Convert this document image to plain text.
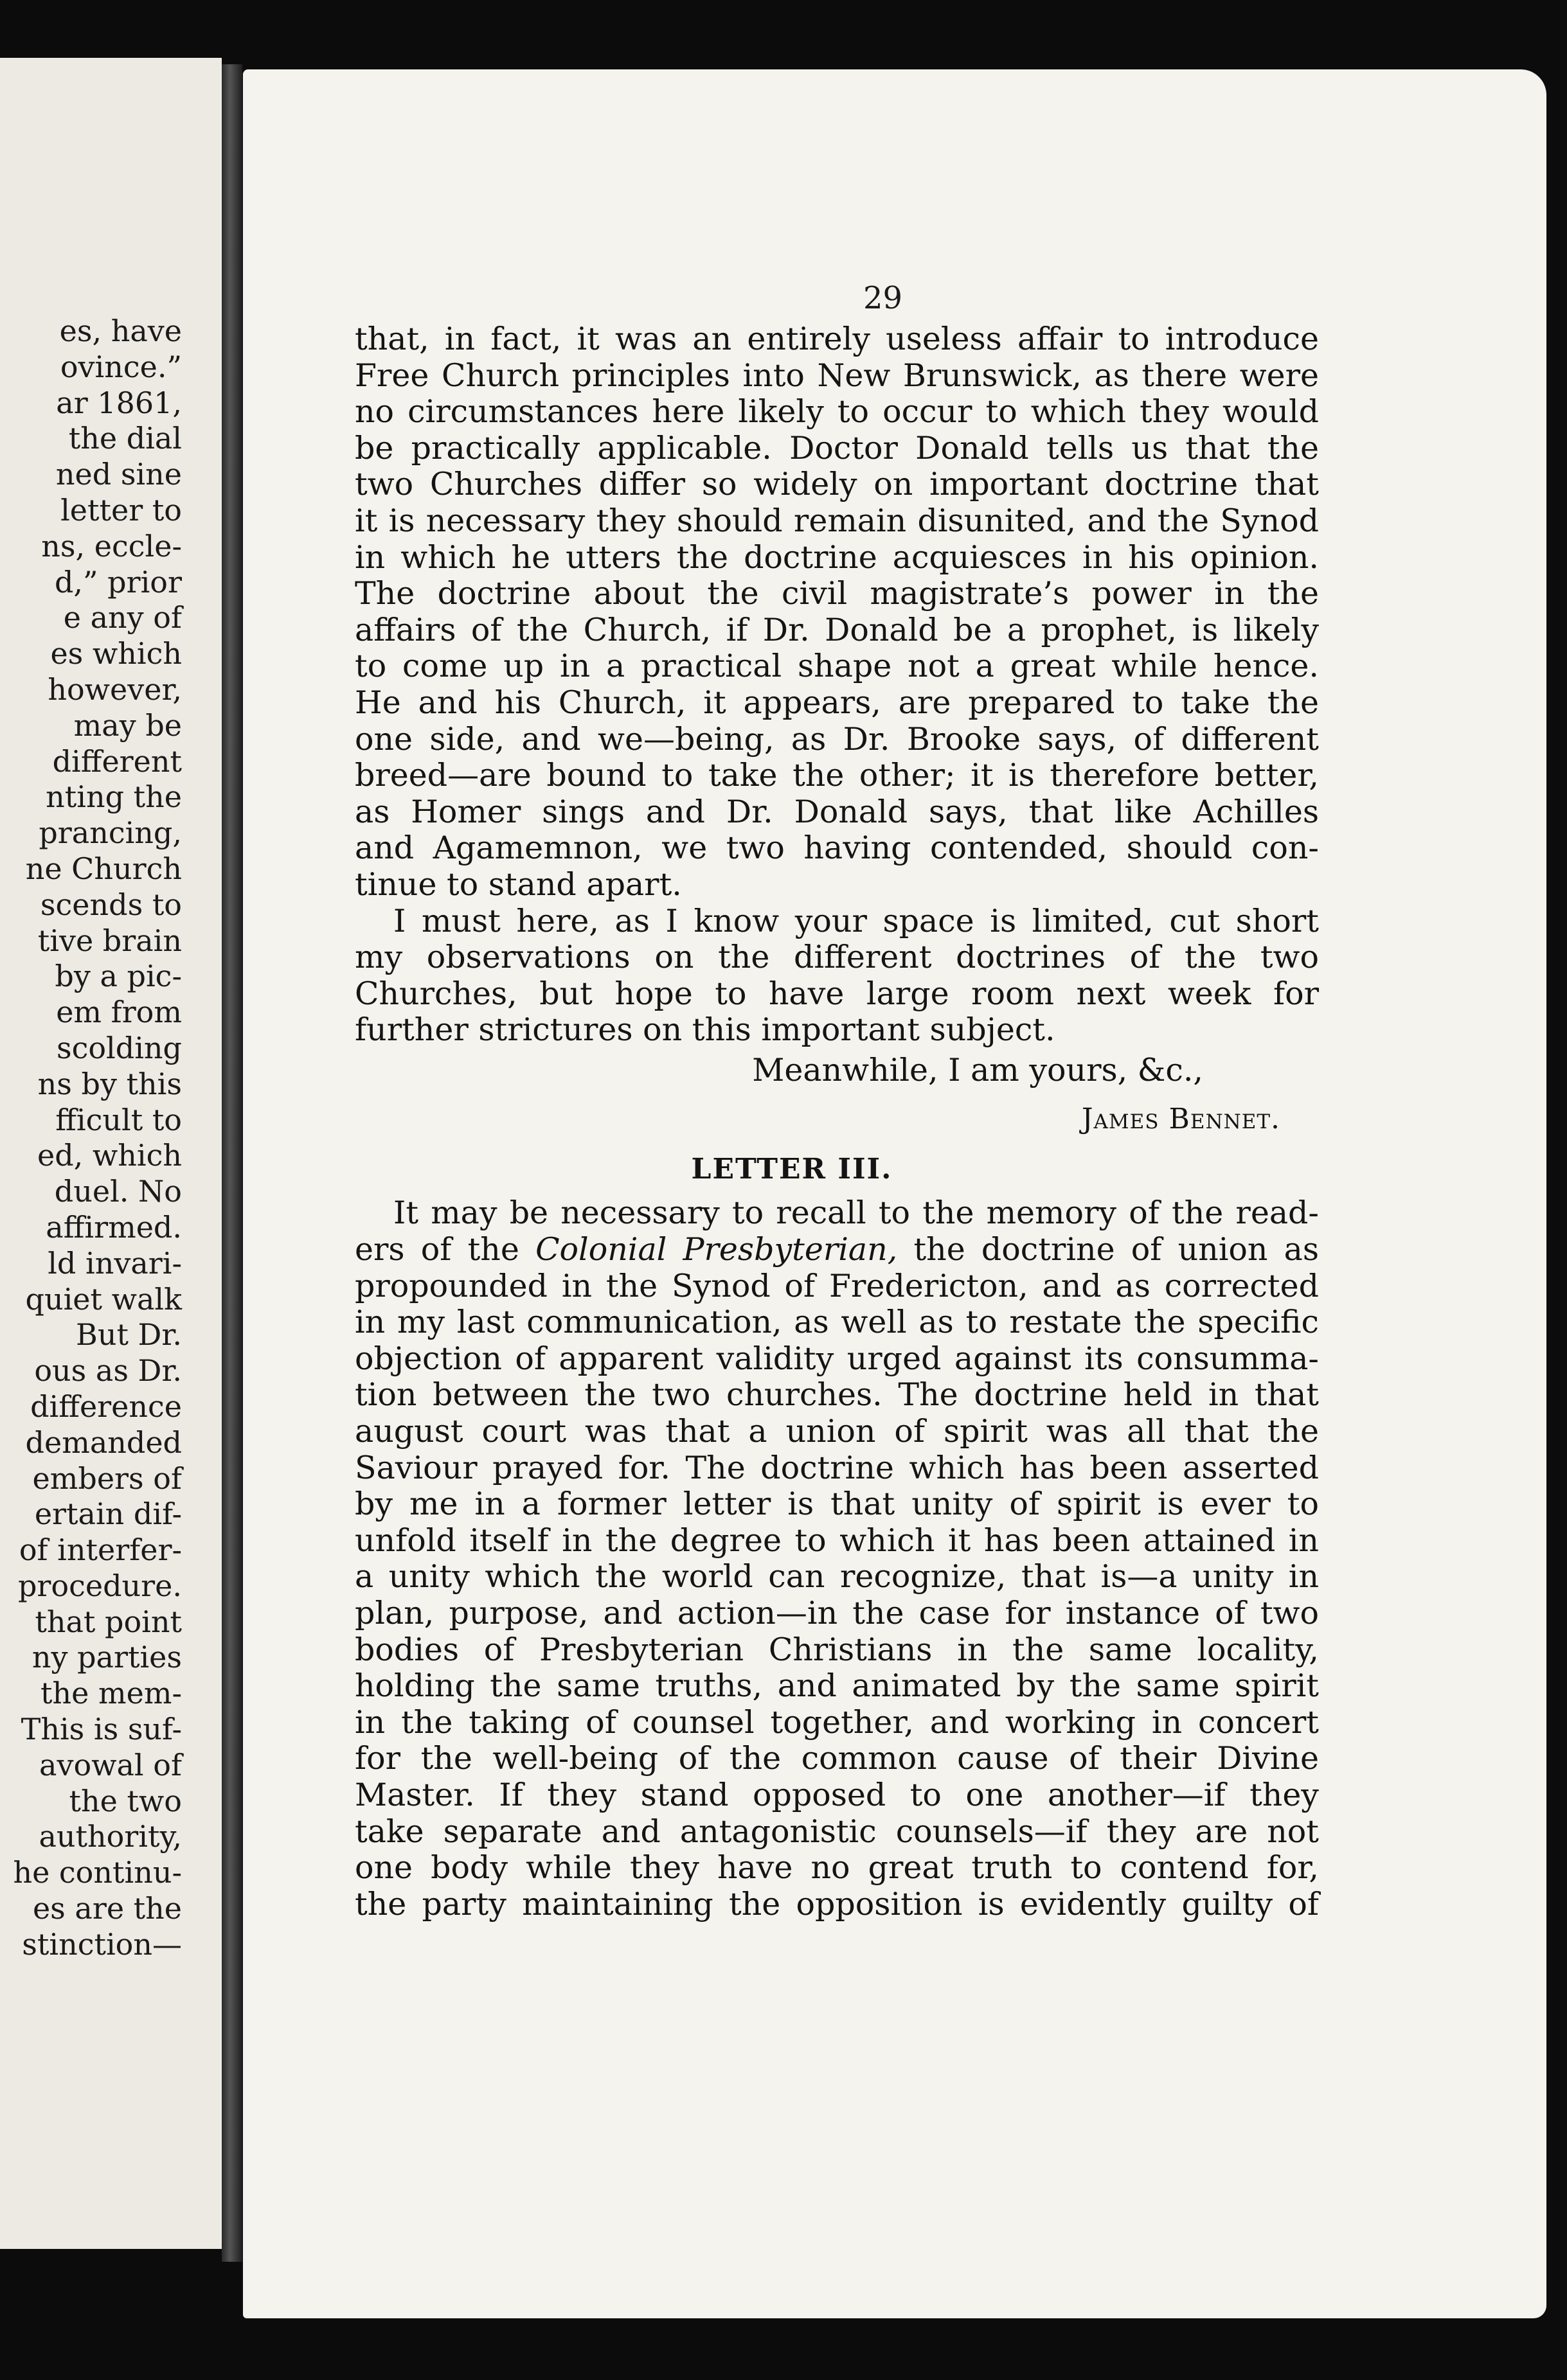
es, have
ovince.”
ar 1861,
the dial
ned sine
letter to
ns, eccle-
d,” prior
e any of
es which
however,
may be
different
nting the
prancing,
ne Church
scends to
tive brain
by a pic-
em from
scolding
ns by this
fficult to
ed, which
duel. No
affirmed.
ld invari-
quiet walk
But Dr.
ous as Dr.
difference
demanded
embers of
ertain dif-
of interfer-
procedure.
that point
ny parties
the mem-
This is suf-
avowal of
the two
authority,
he continu-
es are the
stinction—
29
that, in fact, it was an entirely useless affair to introduce
Free Church principles into New Brunswick, as there were
no circumstances here likely to occur to which they would
be practically applicable. Doctor Donald tells us that the
two Churches differ so widely on important doctrine that
it is necessary they should remain disunited, and the Synod
in which he utters the doctrine acquiesces in his opinion.
The doctrine about the civil magistrate’s power in the
affairs of the Church, if Dr. Donald be a prophet, is likely
to come up in a practical shape not a great while hence.
He and his Church, it appears, are prepared to take the
one side, and we—being, as Dr. Brooke says, of different
breed—are bound to take the other; it is therefore better,
as Homer sings and Dr. Donald says, that like Achilles
and Agamemnon, we two having contended, should con-
tinue to stand apart.
I must here, as I know your space is limited, cut short
my observations on the different doctrines of the two
Churches, but hope to have large room next week for
further strictures on this important subject.
Meanwhile, I am yours, &c.,
James Bennet.
LETTER III.
It may be necessary to recall to the memory of the read-
ers of the Colonial Presbyterian, the doctrine of union as
propounded in the Synod of Fredericton, and as corrected
in my last communication, as well as to restate the specific
objection of apparent validity urged against its consumma-
tion between the two churches. The doctrine held in that
august court was that a union of spirit was all that the
Saviour prayed for. The doctrine which has been asserted
by me in a former letter is that unity of spirit is ever to
unfold itself in the degree to which it has been attained in
a unity which the world can recognize, that is—a unity in
plan, purpose, and action—in the case for instance of two
bodies of Presbyterian Christians in the same locality,
holding the same truths, and animated by the same spirit
in the taking of counsel together, and working in concert
for the well-being of the common cause of their Divine
Master. If they stand opposed to one another—if they
take separate and antagonistic counsels—if they are not
one body while they have no great truth to contend for,
the party maintaining the opposition is evidently guilty of
